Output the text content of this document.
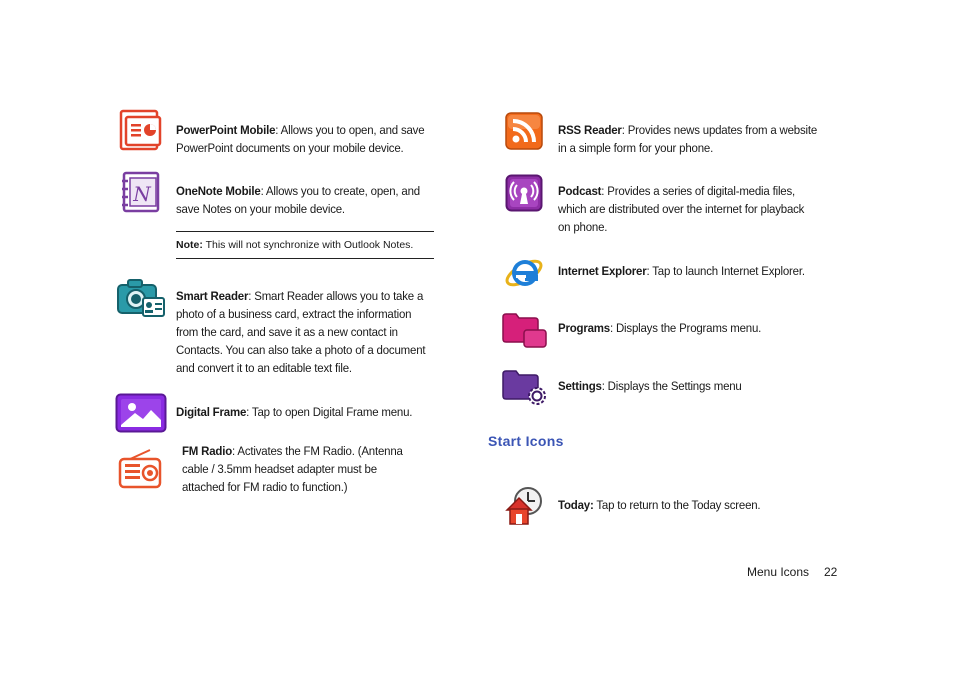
PowerPoint Mobile: Allows you to open, and save
PowerPoint documents on your mobile device.
N OneNote Mobile: Allows you to create, open, and
save Notes on your mobile device.
Note: This will not synchronize with Outlook Notes.
Smart Reader: Smart Reader allows you to take a
photo of a business card, extract the information
from the card, and save it as a new contact in
Contacts. You can also take a photo of a document
and convert it to an editable text file.
Digital Frame: Tap to open Digital Frame menu.
FM Radio: Activates the FM Radio. (Antenna
cable / 3.5mm headset adapter must be
attached for FM radio to function.)
RSS Reader: Provides news updates from a website
in a simple form for your phone.
Podcast: Provides a series of digital-media files,
which are distributed over the internet for playback
on phone.
Internet Explorer: Tap to launch Internet Explorer.
Programs: Displays the Programs menu.
Settings: Displays the Settings menu
Start Icons
Today: Tap to return to the Today screen.
Menu Icons 22
